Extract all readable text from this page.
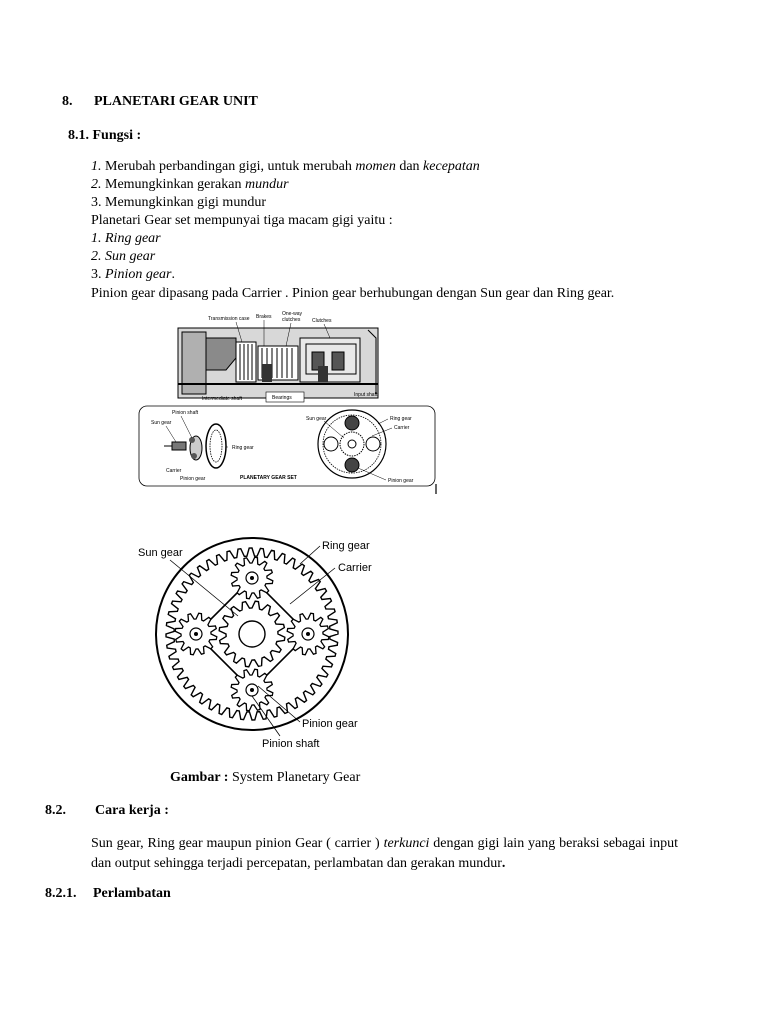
8. PLANETARI GEAR UNIT
8.1. Fungsi :
1. Merubah perbandingan gigi, untuk merubah momen dan kecepatan
2. Memungkinkan gerakan mundur
3. Memungkinkan gigi mundur
Planetari Gear set mempunyai tiga macam gigi yaitu :
1. Ring gear
2. Sun gear
3. Pinion gear.
Pinion gear dipasang pada Carrier . Pinion gear berhubungan dengan Sun gear dan Ring gear.
Transmission case Brakes One-way
clutches Clutches
Intermediate shaft	Bearings	Input shaft
Pinion shaft
Sun gear
Ring gear
Carrier
Pinion gear	PLANETARY GEAR SET
Sun gear	Ring gear
Carrier
Pinion gear
Sun gear
Ring gear
Carrier
Pinion gear
Pinion shaft
Gambar : System Planetary Gear
8.2. Cara kerja :
Sun gear, Ring gear maupun pinion Gear ( carrier ) terkunci dengan gigi lain yang beraksi sebagai input dan output sehingga terjadi percepatan, perlambatan dan gerakan mundur.
8.2.1. Perlambatan
